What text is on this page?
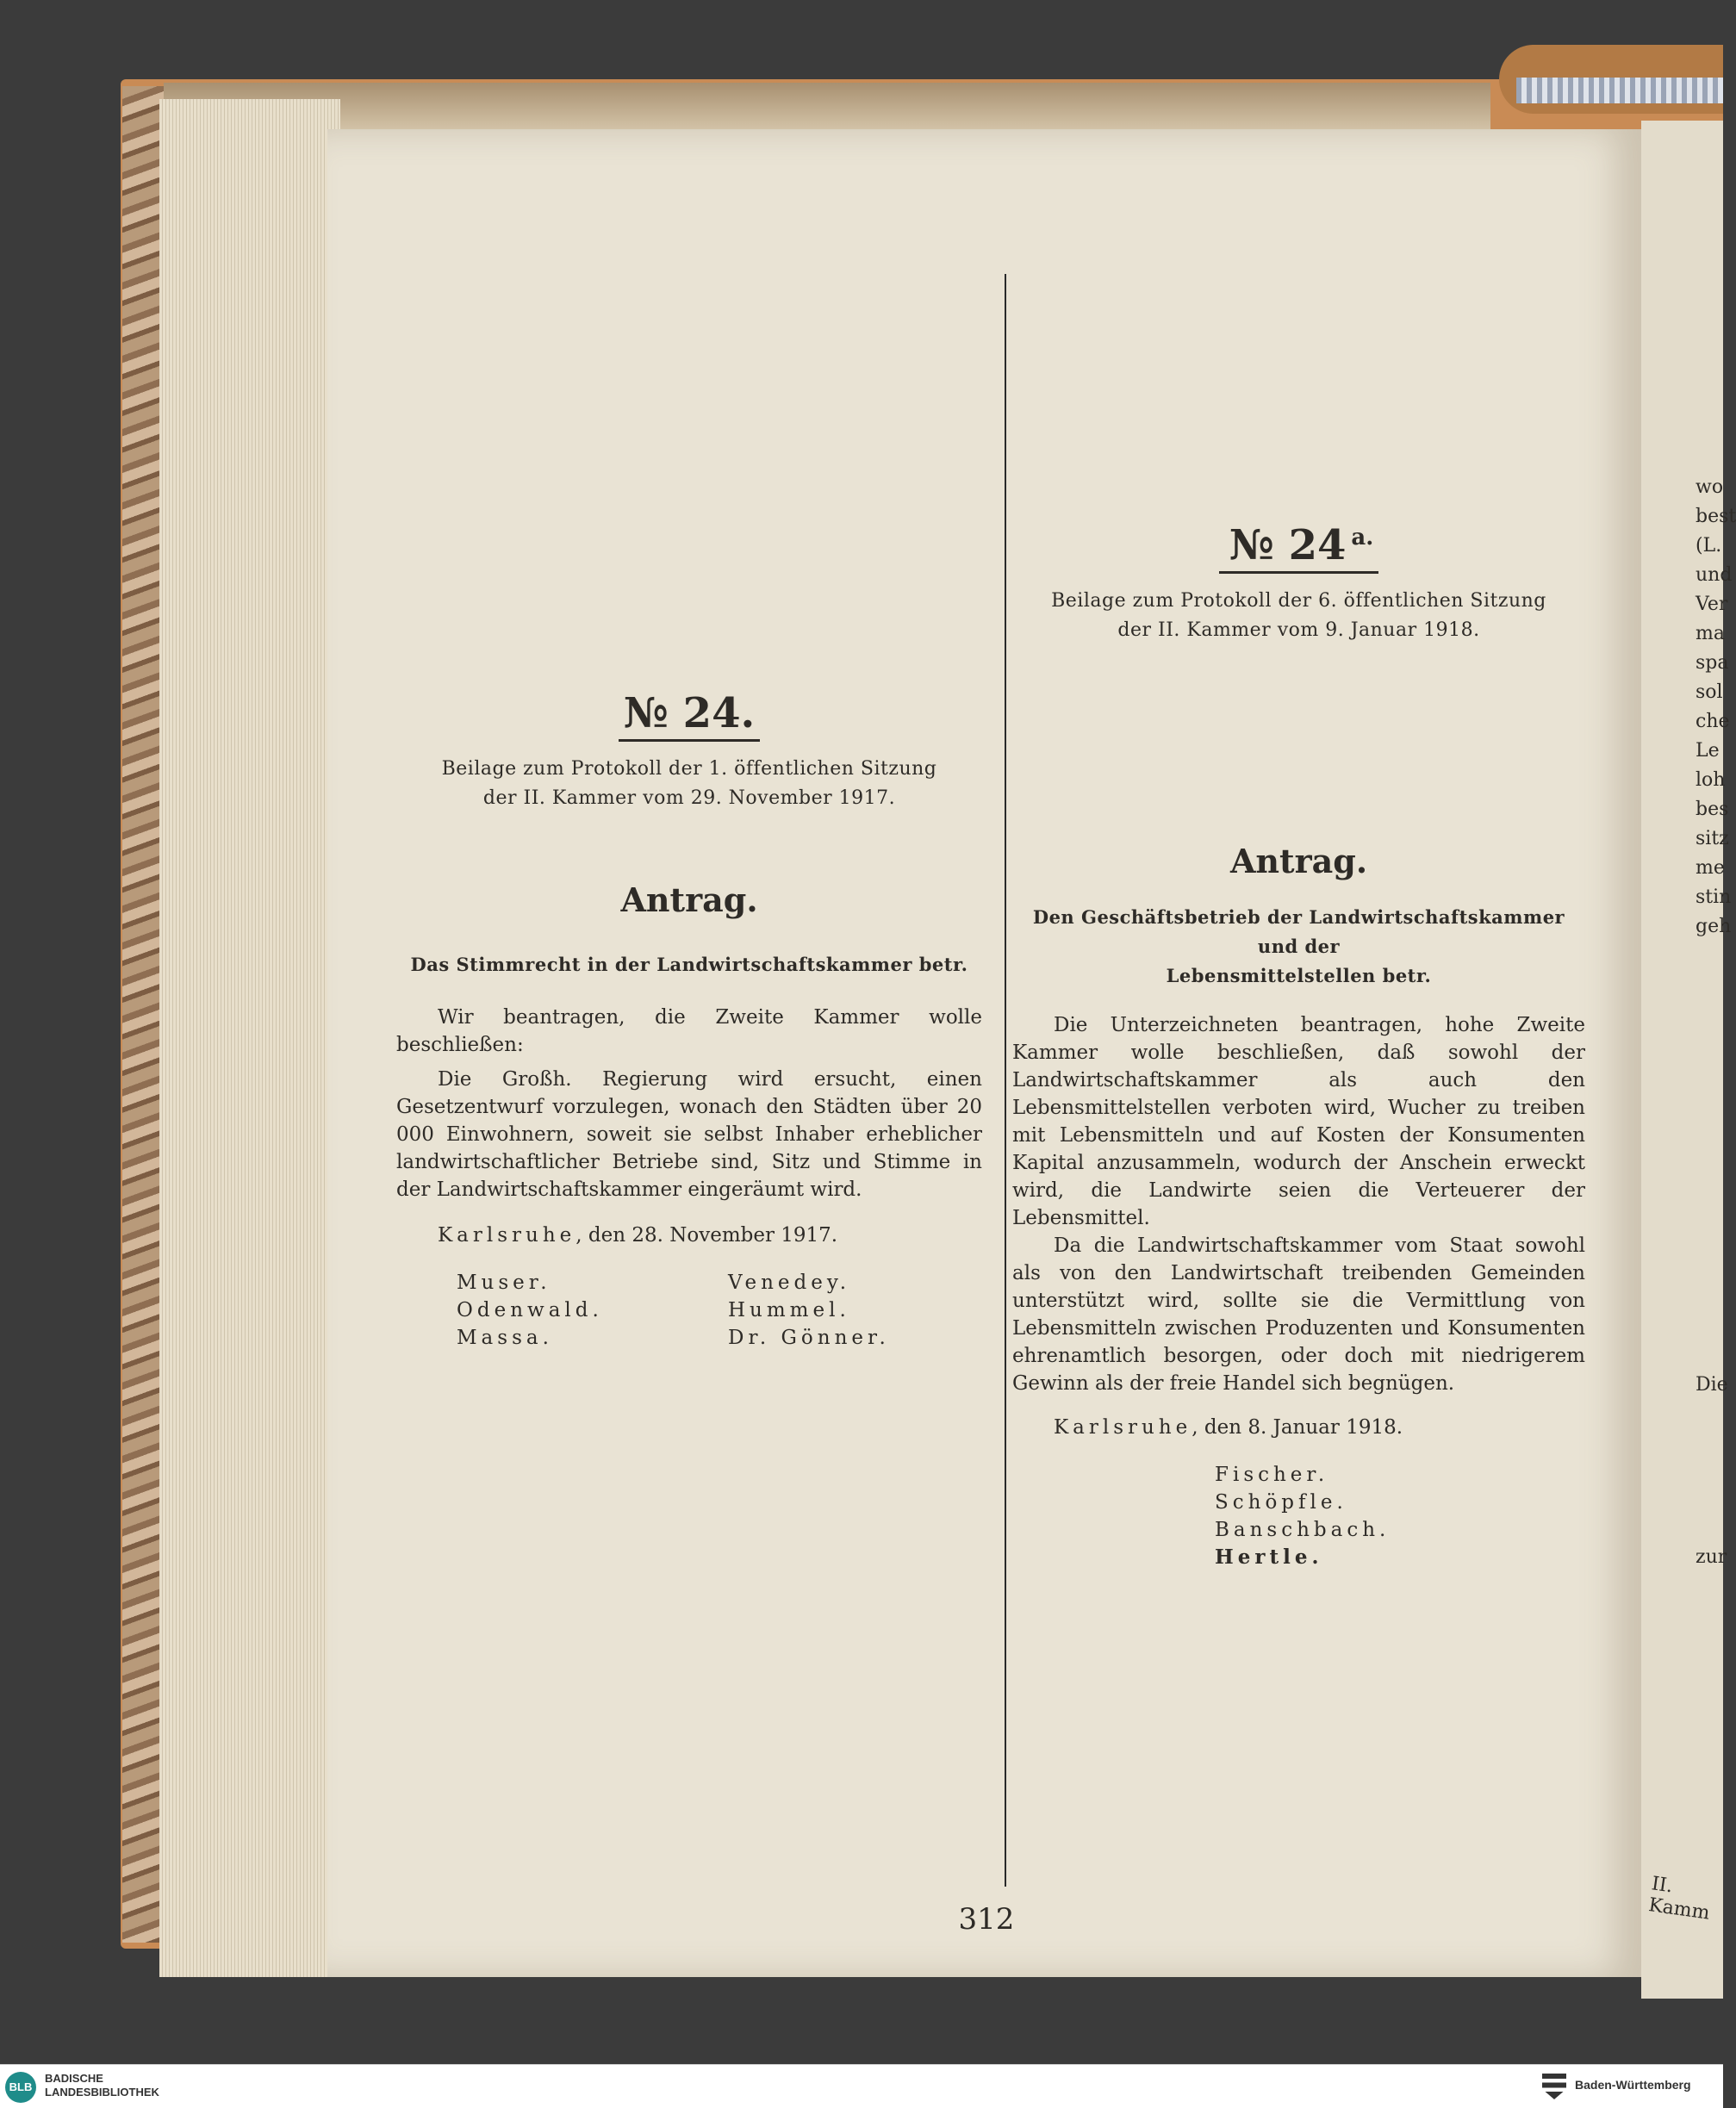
№ 24.
Beilage zum Protokoll der 1. öffentlichen Sitzung
der II. Kammer vom 29. November 1917.
Antrag.
Das Stimmrecht in der Landwirtschaftskammer betr.
Wir beantragen, die Zweite Kammer wolle beschließen:
Die Großh. Regierung wird ersucht, einen Gesetzentwurf vorzulegen, wonach den Städten über 20 000 Einwohnern, soweit sie selbst Inhaber erheblicher landwirtschaftlicher Betriebe sind, Sitz und Stimme in der Landwirtschaftskammer eingeräumt wird.
Karlsruhe, den 28. November 1917.
Muser.
Odenwald.
Massa.
Venedey.
Hummel.
Dr. Gönner.
№ 24 $^{a.}$
Beilage zum Protokoll der 6. öffentlichen Sitzung
der II. Kammer vom 9. Januar 1918.
Antrag.
Den Geschäftsbetrieb der Landwirtschaftskammer und der
Lebensmittelstellen betr.
Die Unterzeichneten beantragen, hohe Zweite Kammer wolle beschließen, daß sowohl der Landwirtschaftskammer als auch den Lebensmittelstellen verboten wird, Wucher zu treiben mit Lebensmitteln und auf Kosten der Konsumenten Kapital anzusammeln, wodurch der Anschein erweckt wird, die Landwirte seien die Verteuerer der Lebensmittel.
Da die Landwirtschaftskammer vom Staat sowohl als von den Landwirtschaft treibenden Gemeinden unterstützt wird, sollte sie die Vermittlung von Lebensmitteln zwischen Produzenten und Konsumenten ehrenamtlich besorgen, oder doch mit niedrigerem Gewinn als der freie Handel sich begnügen.
Karlsruhe, den 8. Januar 1918.
Fischer.
Schöpfle.
Banschbach.
Hertle.
wo
best
(L.
und
Ver
ma
spa
sol
che
Le
loh
bes
sitz
me
stin
geh
Die
zur
II. Kamm
312
BLB
BADISCHE
LANDESBIBLIOTHEK
Baden-Württemberg
